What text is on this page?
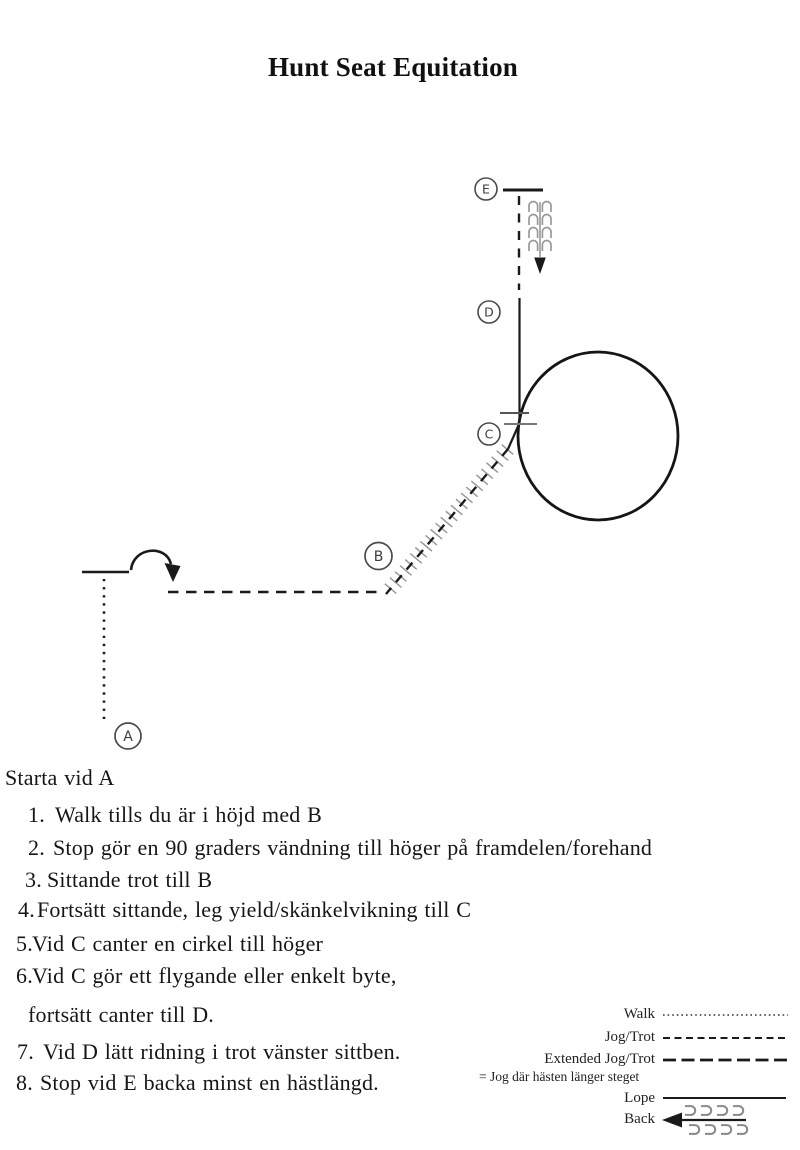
Hunt Seat Equitation
A
B
C
D
E
Starta vid A
1. Walk tills du är i höjd med B
2. Stop gör en 90 graders vändning till höger på framdelen/forehand
3. Sittande trot till B
4.Fortsätt sittande, leg yield/skänkelvikning till C
5.Vid C canter en cirkel till höger
6.Vid C gör ett flygande eller enkelt byte,
fortsätt canter till D.
7. Vid D lätt ridning i trot vänster sittben.
8. Stop vid E backa minst en hästlängd.
Walk
Jog/Trot
Extended Jog/Trot
= Jog där hästen länger steget
Lope
Back
